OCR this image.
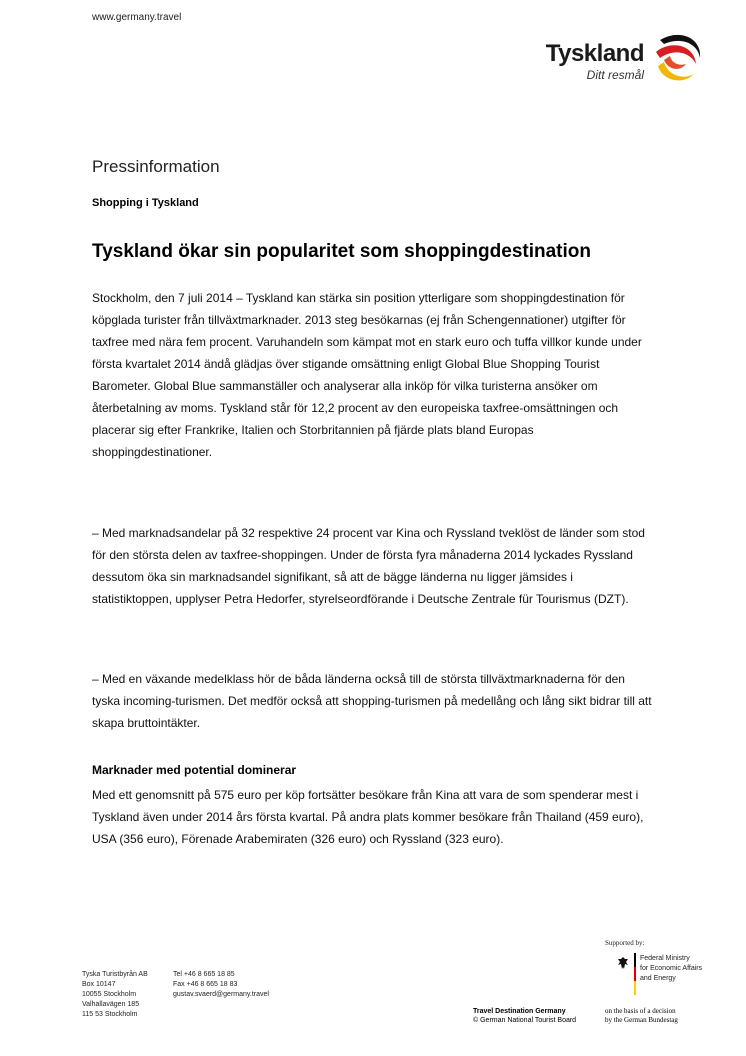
www.germany.travel
Tyskland
Ditt resmål
Pressinformation
Shopping i Tyskland
Tyskland ökar sin popularitet som shoppingdestination

Stockholm, den 7 juli 2014 – Tyskland kan stärka sin position ytterligare som shoppingdestination för köpglada turister från tillväxtmarknader. 2013 steg besökarnas (ej från Schengennationer) utgifter för taxfree med nära fem procent. Varuhandeln som kämpat mot en stark euro och tuffa villkor kunde under första kvartalet 2014 ändå glädjas över stigande omsättning enligt Global Blue Shopping Tourist Barometer. Global Blue sammanställer och analyserar alla inköp för vilka turisterna ansöker om återbetalning av moms. Tyskland står för 12,2 procent av den europeiska taxfree-omsättningen och placerar sig efter Frankrike, Italien och Storbritannien på fjärde plats bland Europas shoppingdestinationer.

– Med marknadsandelar på 32 respektive 24 procent var Kina och Ryssland tveklöst de länder som stod för den största delen av taxfree-shoppingen. Under de första fyra månaderna 2014 lyckades Ryssland dessutom öka sin marknadsandel signifikant, så att de bägge länderna nu ligger jämsides i statistiktoppen, upplyser Petra Hedorfer, styrelseordförande i Deutsche Zentrale für Tourismus (DZT).

– Med en växande medelklass hör de båda länderna också till de största tillväxtmarknaderna för den tyska incoming-turismen. Det medför också att shopping-turismen på medellång och lång sikt bidrar till att skapa bruttointäkter.

Marknader med potential dominerar

Med ett genomsnitt på 575 euro per köp fortsätter besökare från Kina att vara de som spenderar mest i Tyskland även under 2014 års första kvartal. På andra plats kommer besökare från Thailand (459 euro), USA (356 euro), Förenade Arabemiraten (326 euro) och Ryssland (323 euro).

Tyska Turistbyrån AB
Box 10147
10055 Stockholm
Valhallavägen 185
115 53 Stockholm
Tel +46 8 665 18 85
Fax +46 8 665 18 83
gustav.svaerd@germany.travel
Supported by:
Federal Ministry
for Economic Affairs
and Energy
Travel Destination Germany
© German National Tourist Board
on the basis of a decision
by the German Bundestag
